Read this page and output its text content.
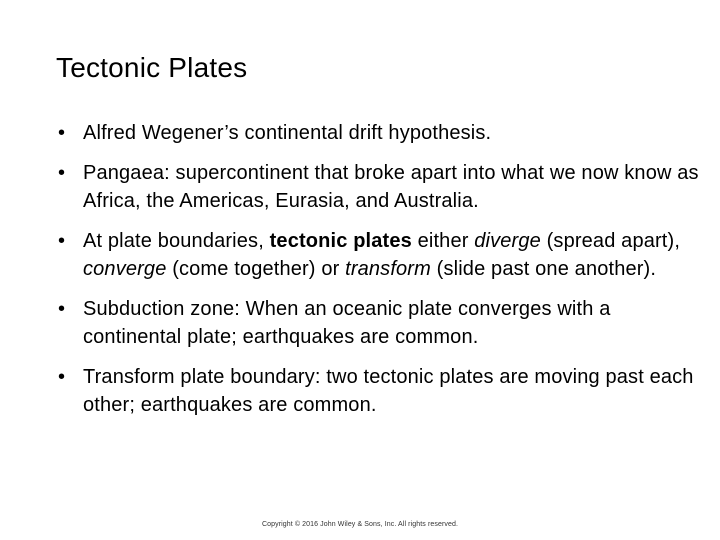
Tectonic Plates
• Alfred Wegener’s continental drift hypothesis.
• Pangaea: supercontinent that broke apart into what we now know as Africa, the Americas, Eurasia, and Australia.
• At plate boundaries, tectonic plates either diverge (spread apart), converge (come together) or transform (slide past one another).
• Subduction zone: When an oceanic plate converges with a continental plate; earthquakes are common.
• Transform plate boundary: two tectonic plates are moving past each other; earthquakes are common.
Copyright © 2016 John Wiley & Sons, Inc. All rights reserved.
